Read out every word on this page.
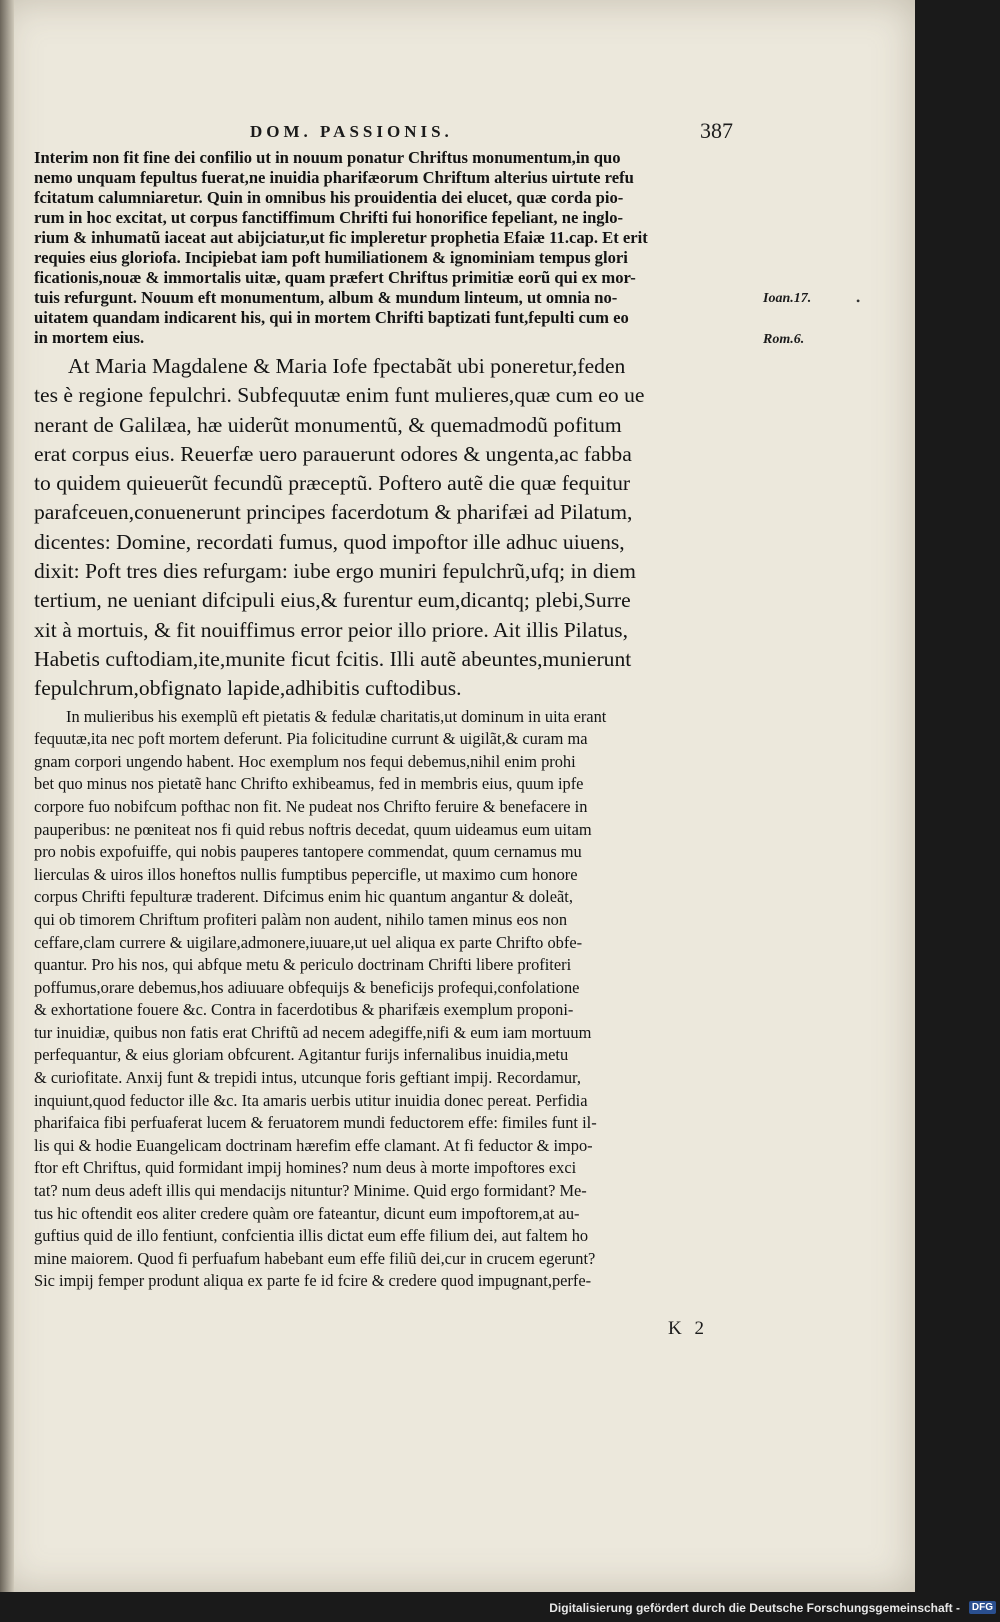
DOM. PASSIONIS.	387
Interim non fit fine dei confilio ut in nouum ponatur Chriftus monumentum,in quo
nemo unquam fepultus fuerat,ne inuidia pharifæorum Chriftum alterius uirtute refu
fcitatum calumniaretur. Quin in omnibus his prouidentia dei elucet, quæ corda pio-
rum in hoc excitat, ut corpus fanctiffimum Chrifti fui honorifice fepeliant, ne inglo-
rium & inhumatũ iaceat aut abijciatur,ut fic impleretur prophetia Efaiæ 11.cap. Et erit
requies eius gloriofa. Incipiebat iam poft humiliationem & ignominiam tempus glori
ficationis,nouæ & immortalis uitæ, quam præfert Chriftus primitiæ eorũ qui ex mor-
tuis refurgunt. Nouum eft monumentum, album & mundum linteum, ut omnia no-
uitatem quandam indicarent his, qui in mortem Chrifti baptizati funt,fepulti cum eo
in mortem eius.
At Maria Magdalene & Maria Iofe fpectabãt ubi poneretur,feden
tes è regione fepulchri. Subfequutæ enim funt mulieres,quæ cum eo ue
nerant de Galilæa, hæ uiderũt monumentũ, & quemadmodũ pofitum
erat corpus eius. Reuerfæ uero parauerunt odores & ungenta,ac fabba
to quidem quieuerũt fecundũ præceptũ. Poftero autẽ die quæ fequitur
parafceuen,conuenerunt principes facerdotum & pharifæi ad Pilatum,
dicentes: Domine, recordati fumus, quod impoftor ille adhuc uiuens,
dixit: Poft tres dies refurgam: iube ergo muniri fepulchrũ,ufq; in diem
tertium, ne ueniant difcipuli eius,& furentur eum,dicantq; plebi,Surre
xit à mortuis, & fit nouiffimus error peior illo priore. Ait illis Pilatus,
Habetis cuftodiam,ite,munite ficut fcitis. Illi autẽ abeuntes,munierunt
fepulchrum,obfignato lapide,adhibitis cuftodibus.
In mulieribus his exemplũ eft pietatis & fedulæ charitatis,ut dominum in uita erant
fequutæ,ita nec poft mortem deferunt. Pia folicitudine currunt & uigilãt,& curam ma
gnam corpori ungendo habent. Hoc exemplum nos fequi debemus,nihil enim prohi
bet quo minus nos pietatẽ hanc Chrifto exhibeamus, fed in membris eius, quum ipfe
corpore fuo nobifcum pofthac non fit. Ne pudeat nos Chrifto feruire & benefacere in
pauperibus: ne pœniteat nos fi quid rebus noftris decedat, quum uideamus eum uitam
pro nobis expofuiffe, qui nobis pauperes tantopere commendat, quum cernamus mu
lierculas & uiros illos honeftos nullis fumptibus pepercifle, ut maximo cum honore
corpus Chrifti fepulturæ traderent. Difcimus enim hic quantum angantur & doleãt,
qui ob timorem Chriftum profiteri palàm non audent, nihilo tamen minus eos non
ceffare,clam currere & uigilare,admonere,iuuare,ut uel aliqua ex parte Chrifto obfe-
quantur. Pro his nos, qui abfque metu & periculo doctrinam Chrifti libere profiteri
poffumus,orare debemus,hos adiuuare obfequijs & beneficijs profequi,confolatione
& exhortatione fouere &c. Contra in facerdotibus & pharifæis exemplum proponi-
tur inuidiæ, quibus non fatis erat Chriftũ ad necem adegiffe,nifi & eum iam mortuum
perfequantur, & eius gloriam obfcurent. Agitantur furijs infernalibus inuidia,metu
& curiofitate. Anxij funt & trepidi intus, utcunque foris geftiant impij. Recordamur,
inquiunt,quod feductor ille &c. Ita amaris uerbis utitur inuidia donec pereat. Perfidia
pharifaica fibi perfuaferat lucem & feruatorem mundi feductorem effe: fimiles funt il-
lis qui & hodie Euangelicam doctrinam hærefim effe clamant. At fi feductor & impo-
ftor eft Chriftus, quid formidant impij homines? num deus à morte impoftores exci
tat? num deus adeft illis qui mendacijs nituntur? Minime. Quid ergo formidant? Me-
tus hic oftendit eos aliter credere quàm ore fateantur, dicunt eum impoftorem,at au-
guftius quid de illo fentiunt, confcientia illis dictat eum effe filium dei, aut faltem ho
mine maiorem. Quod fi perfuafum habebant eum effe filiũ dei,cur in crucem egerunt?
Sic impij femper produnt aliqua ex parte fe id fcire & credere quod impugnant,perfe-
Ioan.17.
Rom.6.
•
K 2
Digitalisierung gefördert durch die Deutsche Forschungsgemeinschaft -	DFG
